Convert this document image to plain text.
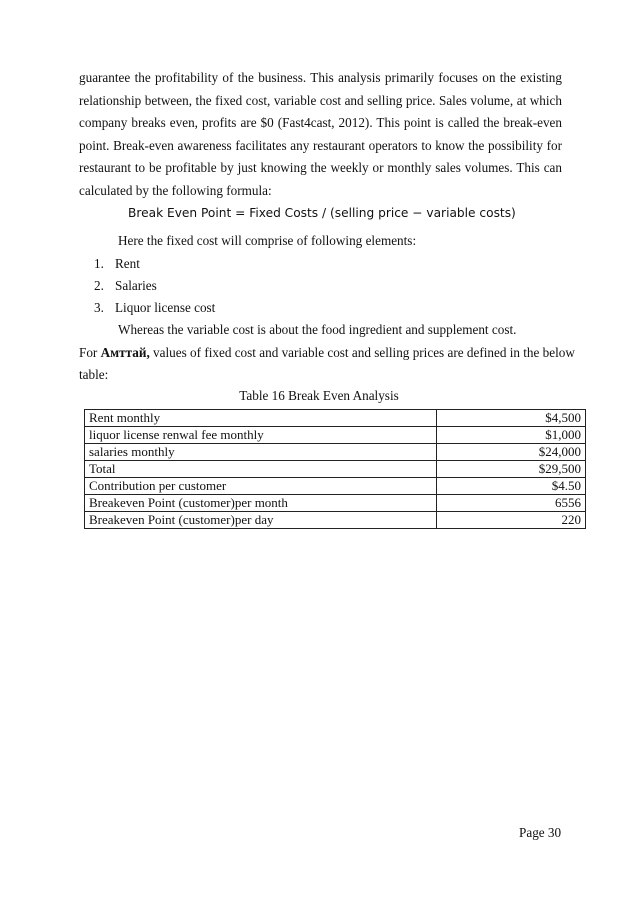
guarantee the profitability of the business. This analysis primarily focuses on the existing
relationship between, the fixed cost, variable cost and selling price. Sales volume, at which
company breaks even, profits are $0 (Fast4cast, 2012). This point is called the break-even
point. Break-even awareness facilitates any restaurant operators to know the possibility for
restaurant to be profitable by just knowing the weekly or monthly sales volumes. This can
calculated by the following formula:
Break Even Point = Fixed Costs / (selling price − variable costs)
Here the fixed cost will comprise of following elements:
1. Rent
2. Salaries
3. Liquor license cost
Whereas the variable cost is about the food ingredient and supplement cost.
For Амттай, values of fixed cost and variable cost and selling prices are defined in the below
table:
Table 16 Break Even Analysis
Rent monthly	$4,500
liquor license renwal fee monthly	$1,000
salaries monthly	$24,000
Total	$29,500
Contribution per customer	$4.50
Breakeven Point (customer)per month	6556
Breakeven Point (customer)per day	220
Page 30
